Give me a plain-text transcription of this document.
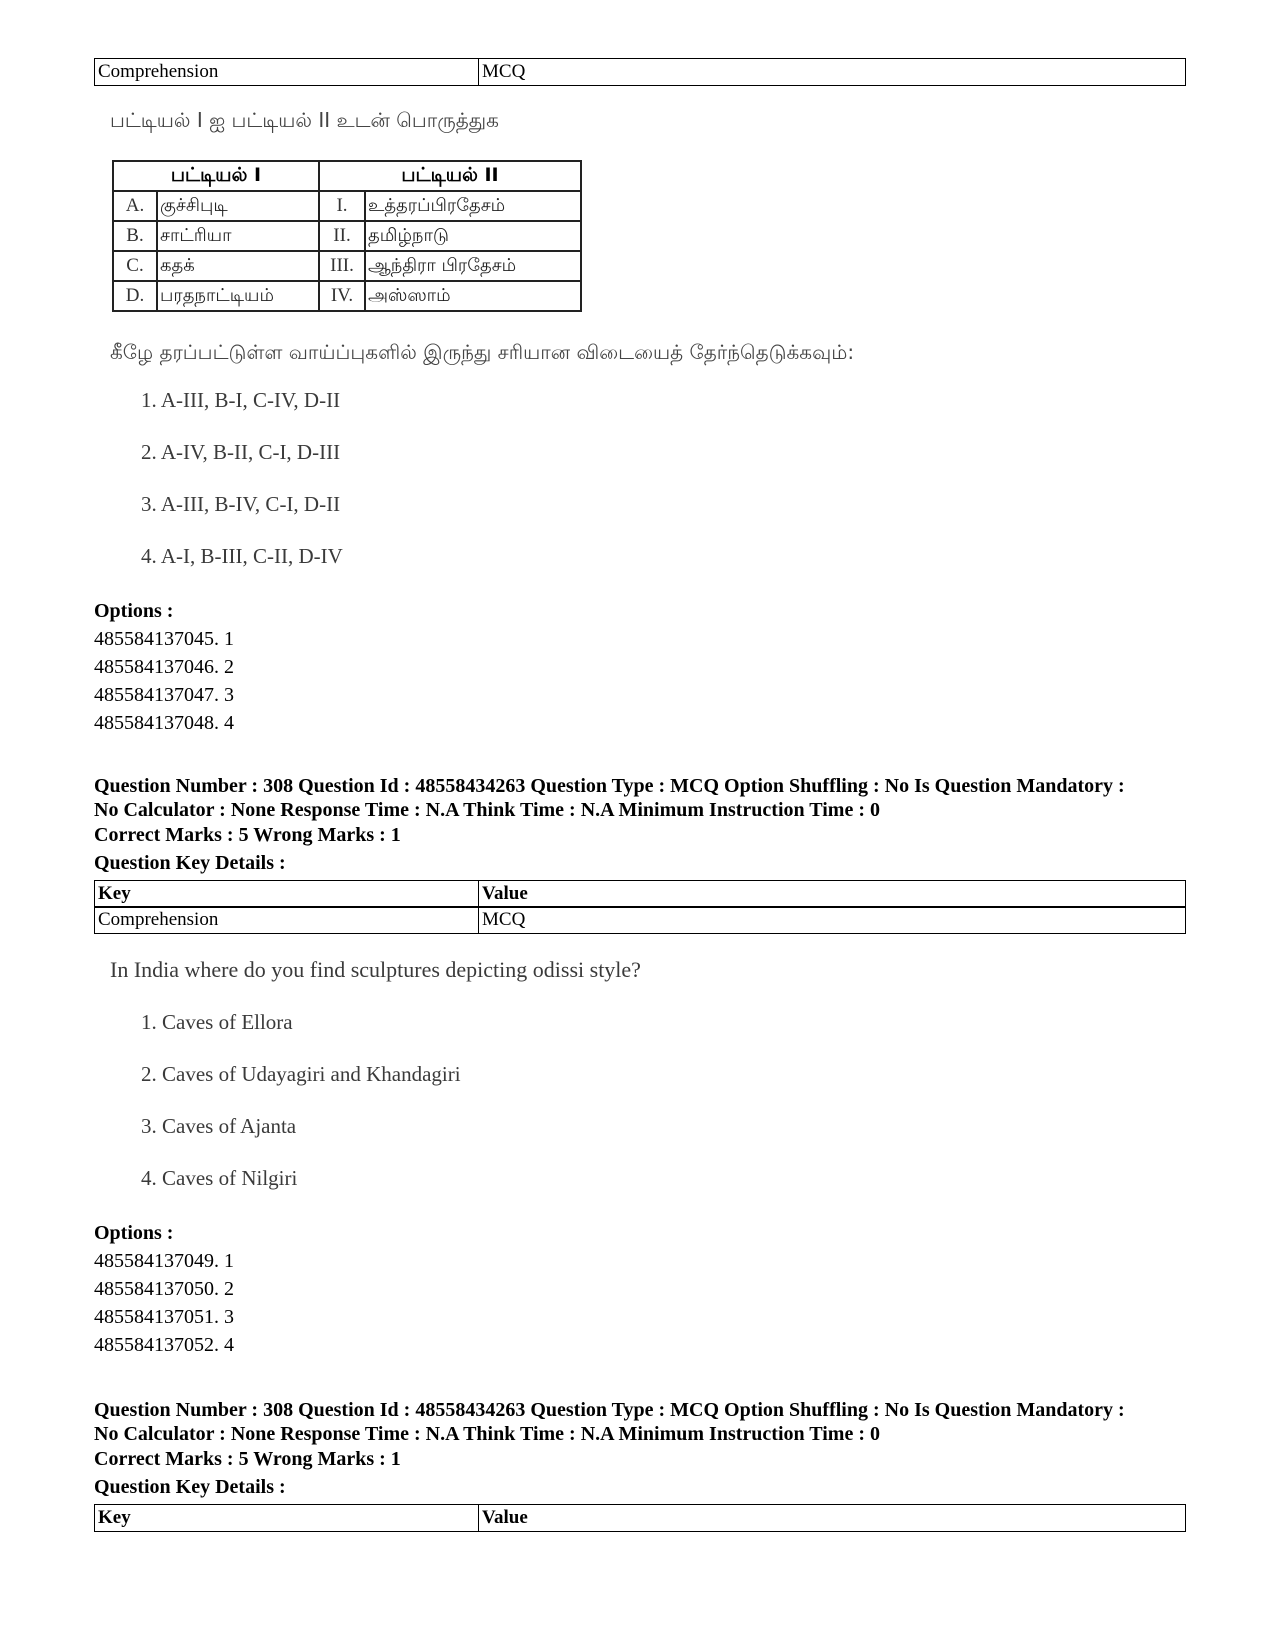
Comprehension	MCQ
பட்டியல் I ஐ பட்டியல் II உடன் பொருத்துக
பட்டியல் I		பட்டியல் II	
A.	குச்சிபுடி	I.	உத்தரப்பிரதேசம்
B.	சாட்ரியா	II.	தமிழ்நாடு
C.	கதக்	III.	ஆந்திரா பிரதேசம்
D.	பரதநாட்டியம்	IV.	அஸ்ஸாம்
கீழே தரப்பட்டுள்ள வாய்ப்புகளில் இருந்து சரியான விடையைத் தேர்ந்தெடுக்கவும்:
1. A-III, B-I, C-IV, D-II
2. A-IV, B-II, C-I, D-III
3. A-III, B-IV, C-I, D-II
4. A-I, B-III, C-II, D-IV
Options :
485584137045. 1
485584137046. 2
485584137047. 3
485584137048. 4
Question Number : 308 Question Id : 48558434263 Question Type : MCQ Option Shuffling : No Is Question Mandatory :
No Calculator : None Response Time : N.A Think Time : N.A Minimum Instruction Time : 0
Correct Marks : 5 Wrong Marks : 1
Question Key Details :
Key	Value
Comprehension	MCQ
In India where do you find sculptures depicting odissi style?
1. Caves of Ellora
2. Caves of Udayagiri and Khandagiri
3. Caves of Ajanta
4. Caves of Nilgiri
Options :
485584137049. 1
485584137050. 2
485584137051. 3
485584137052. 4
Question Number : 308 Question Id : 48558434263 Question Type : MCQ Option Shuffling : No Is Question Mandatory :
No Calculator : None Response Time : N.A Think Time : N.A Minimum Instruction Time : 0
Correct Marks : 5 Wrong Marks : 1
Question Key Details :
Key	Value
